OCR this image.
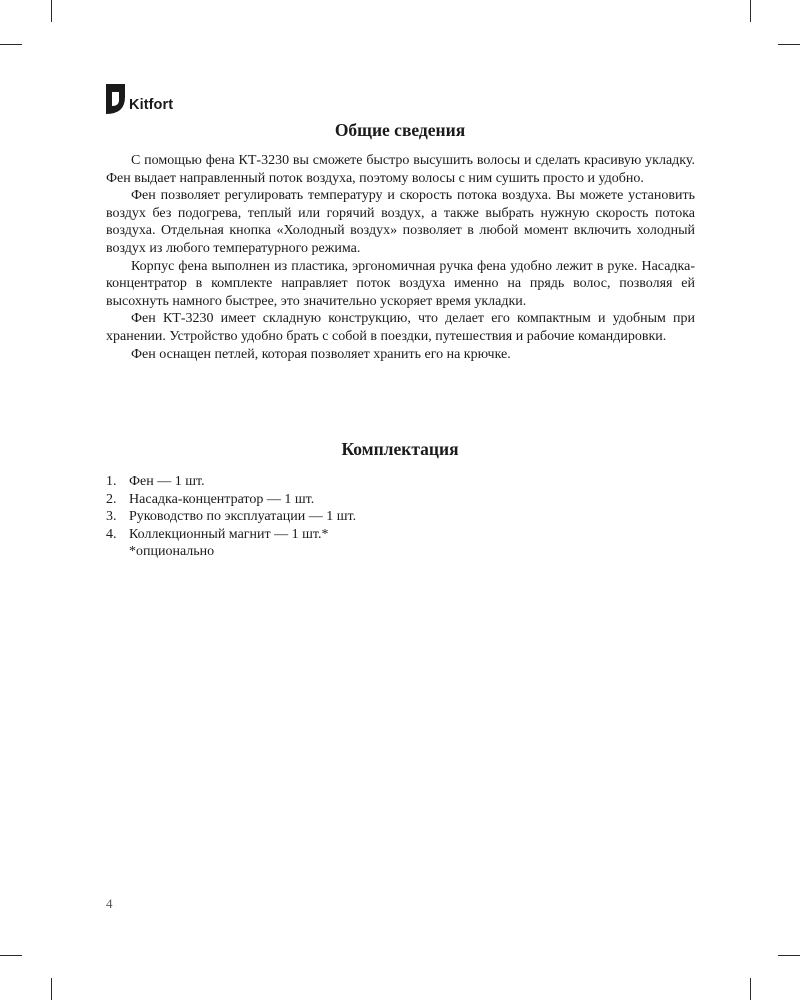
Kitfort
Общие сведения

С помощью фена КТ-3230 вы сможете быстро высушить волосы и сделать красивую укладку. Фен выдает направленный поток воздуха, поэтому волосы с ним сушить просто и удобно.

Фен позволяет регулировать температуру и скорость потока воздуха. Вы можете установить воздух без подогрева, теплый или горячий воздух, а также выбрать нужную скорость потока воздуха. Отдельная кнопка «Холодный воздух» позволяет в любой момент включить холодный воздух из любого температурного режима.

Корпус фена выполнен из пластика, эргономичная ручка фена удобно лежит в руке. Насадка-концентратор в комплекте направляет поток воздуха именно на прядь волос, позволяя ей высохнуть намного быстрее, это значительно ускоряет время укладки.

Фен КТ-3230 имеет складную конструкцию, что делает его компактным и удобным при хранении. Устройство удобно брать с собой в поездки, путешествия и рабочие командировки.

Фен оснащен петлей, которая позволяет хранить его на крючке.

Комплектация
1. Фен — 1 шт.
2. Насадка-концентратор — 1 шт.
3. Руководство по эксплуатации — 1 шт.
4. Коллекционный магнит — 1 шт.*
*опционально
4
